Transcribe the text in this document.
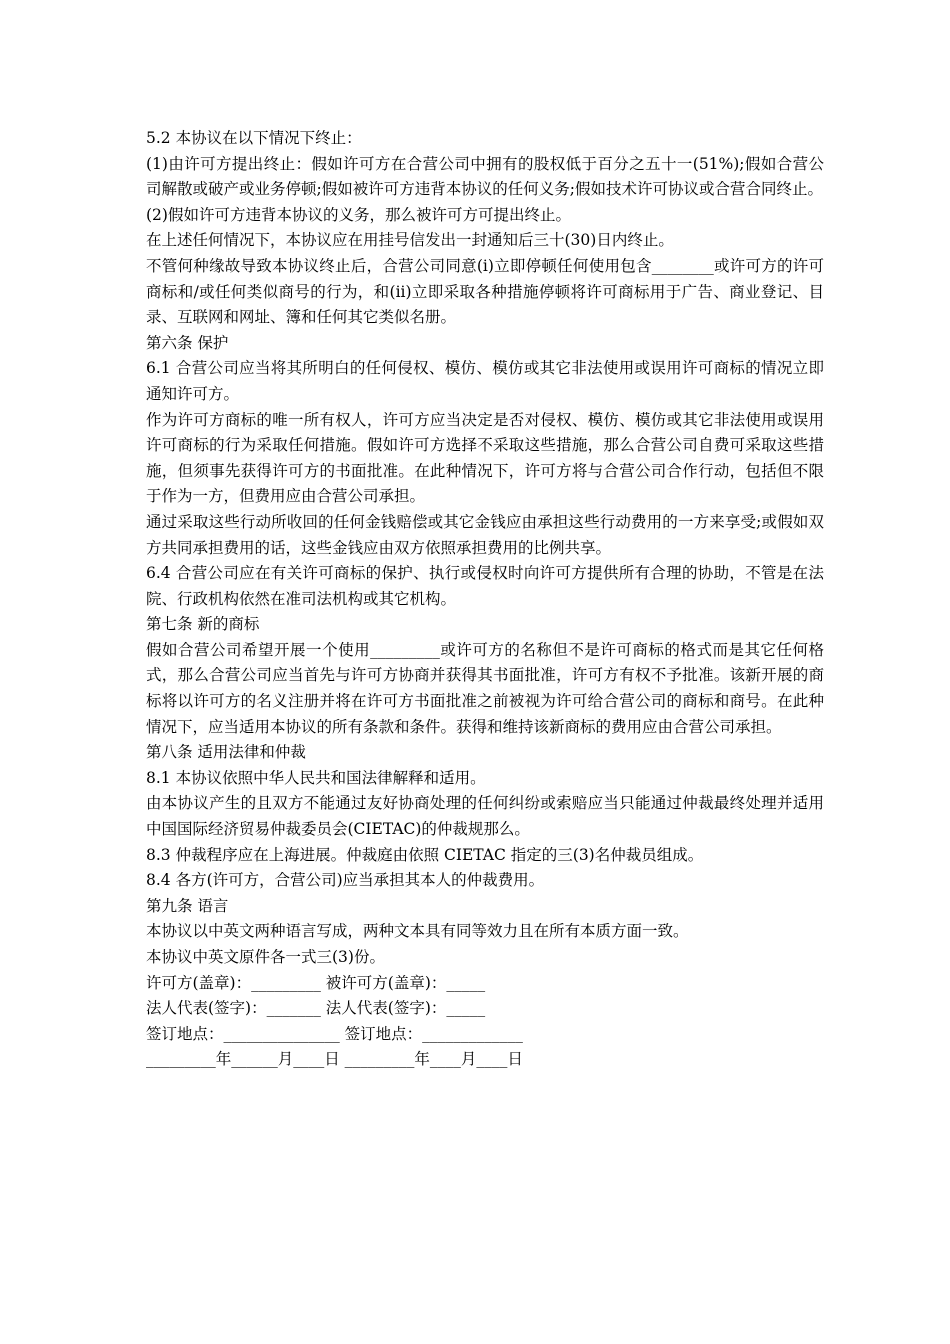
5.2 本协议在以下情况下终止：

(1)由许可方提出终止：假如许可方在合营公司中拥有的股权低于百分之五十一(51%);假如合营公司解散或破产或业务停顿;假如被许可方违背本协议的任何义务;假如技术许可协议或合营合同终止。

(2)假如许可方违背本协议的义务，那么被许可方可提出终止。

在上述任何情况下，本协议应在用挂号信发出一封通知后三十(30)日内终止。

不管何种缘故导致本协议终止后，合营公司同意(i)立即停顿任何使用包含________或许可方的许可商标和/或任何类似商号的行为，和(ii)立即采取各种措施停顿将许可商标用于广告、商业登记、目录、互联网和网址、簿和任何其它类似名册。

第六条 保护

6.1 合营公司应当将其所明白的任何侵权、模仿、模仿或其它非法使用或误用许可商标的情况立即通知许可方。

作为许可方商标的唯一所有权人，许可方应当决定是否对侵权、模仿、模仿或其它非法使用或误用许可商标的行为采取任何措施。假如许可方选择不采取这些措施，那么合营公司自费可采取这些措施，但须事先获得许可方的书面批准。在此种情况下，许可方将与合营公司合作行动，包括但不限于作为一方，但费用应由合营公司承担。

通过采取这些行动所收回的任何金钱赔偿或其它金钱应由承担这些行动费用的一方来享受;或假如双方共同承担费用的话，这些金钱应由双方依照承担费用的比例共享。

6.4 合营公司应在有关许可商标的保护、执行或侵权时向许可方提供所有合理的协助，不管是在法院、行政机构依然在准司法机构或其它机构。

第七条 新的商标

假如合营公司希望开展一个使用_________或许可方的名称但不是许可商标的格式而是其它任何格式，那么合营公司应当首先与许可方协商并获得其书面批准，许可方有权不予批准。该新开展的商标将以许可方的名义注册并将在许可方书面批准之前被视为许可给合营公司的商标和商号。在此种情况下，应当适用本协议的所有条款和条件。获得和维持该新商标的费用应由合营公司承担。

第八条 适用法律和仲裁

8.1 本协议依照中华人民共和国法律解释和适用。

由本协议产生的且双方不能通过友好协商处理的任何纠纷或索赔应当只能通过仲裁最终处理并适用中国国际经济贸易仲裁委员会(CIETAC)的仲裁规那么。

8.3 仲裁程序应在上海进展。仲裁庭由依照 CIETAC 指定的三(3)名仲裁员组成。

8.4 各方(许可方，合营公司)应当承担其本人的仲裁费用。

第九条 语言

本协议以中英文两种语言写成，两种文本具有同等效力且在所有本质方面一致。

本协议中英文原件各一式三(3)份。

许可方(盖章)：_________ 被许可方(盖章)：_____

法人代表(签字)：_______ 法人代表(签字)：_____

签订地点：_______________ 签订地点：_____________

_________年______月____日 _________年____月____日
